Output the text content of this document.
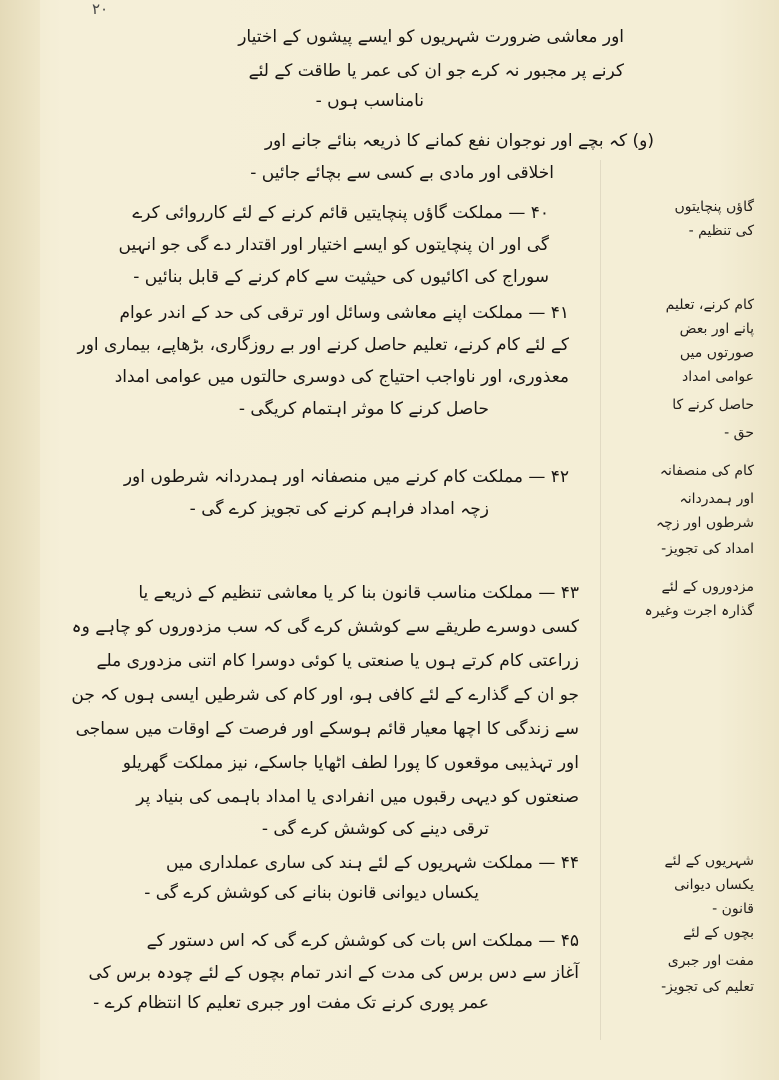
٢٠
اور معاشی ضرورت شہریوں کو ایسے پیشوں کے اختیار
کرنے پر مجبور نہ کرے جو ان کی عمر یا طاقت کے لئے
نامناسب ہوں -
(و) کہ بچے اور نوجوان نفع کمانے کا ذریعہ بنائے جانے اور
اخلاقی اور مادی بے کسی سے بچائے جائیں -
گاؤں پنچایتوں
کی تنظیم -
۴۰ — مملکت گاؤں پنچایتیں قائم کرنے کے لئے کارروائی کرے
گی اور ان پنچایتوں کو ایسے اختیار اور اقتدار دے گی جو انہیں
سوراج کی اکائیوں کی حیثیت سے کام کرنے کے قابل بنائیں -
کام کرنے، تعلیم
پانے اور بعض
صورتوں میں
عوامی امداد
حاصل کرنے کا
حق -
۴۱ — مملکت اپنے معاشی وسائل اور ترقی کی حد کے اندر عوام
کے لئے کام کرنے، تعلیم حاصل کرنے اور بے روزگاری، بڑھاپے، بیماری اور
معذوری، اور ناواجب احتیاج کی دوسری حالتوں میں عوامی امداد
حاصل کرنے کا موثر اہتمام کریگی -
کام کی منصفانہ
اور ہمدردانہ
شرطوں اور زچہ
امداد کی تجویز-
۴۲ — مملکت کام کرنے میں منصفانہ اور ہمدردانہ شرطوں اور
زچہ امداد فراہم کرنے کی تجویز کرے گی -
مزدوروں کے لئے
گذارہ اجرت وغیرہ
۴۳ — مملکت مناسب قانون بنا کر یا معاشی تنظیم کے ذریعے یا
کسی دوسرے طریقے سے کوشش کرے گی کہ سب مزدوروں کو چاہے وہ
زراعتی کام کرتے ہوں یا صنعتی یا کوئی دوسرا کام اتنی مزدوری ملے
جو ان کے گذارے کے لئے کافی ہو، اور کام کی شرطیں ایسی ہوں کہ جن
سے زندگی کا اچھا معیار قائم ہوسکے اور فرصت کے اوقات میں سماجی
اور تہذیبی موقعوں کا پورا لطف اٹھایا جاسکے، نیز مملکت گھریلو
صنعتوں کو دیہی رقبوں میں انفرادی یا امداد باہمی کی بنیاد پر
ترقی دینے کی کوشش کرے گی -
شہریوں کے لئے
یکساں دیوانی
قانون -
۴۴ — مملکت شہریوں کے لئے ہند کی ساری عملداری میں
یکساں دیوانی قانون بنانے کی کوشش کرے گی -
بچوں کے لئے
مفت اور جبری
تعلیم کی تجویز-
۴۵ — مملکت اس بات کی کوشش کرے گی کہ اس دستور کے
آغاز سے دس برس کی مدت کے اندر تمام بچوں کے لئے چودہ برس کی
عمر پوری کرنے تک مفت اور جبری تعلیم کا انتظام کرے -
